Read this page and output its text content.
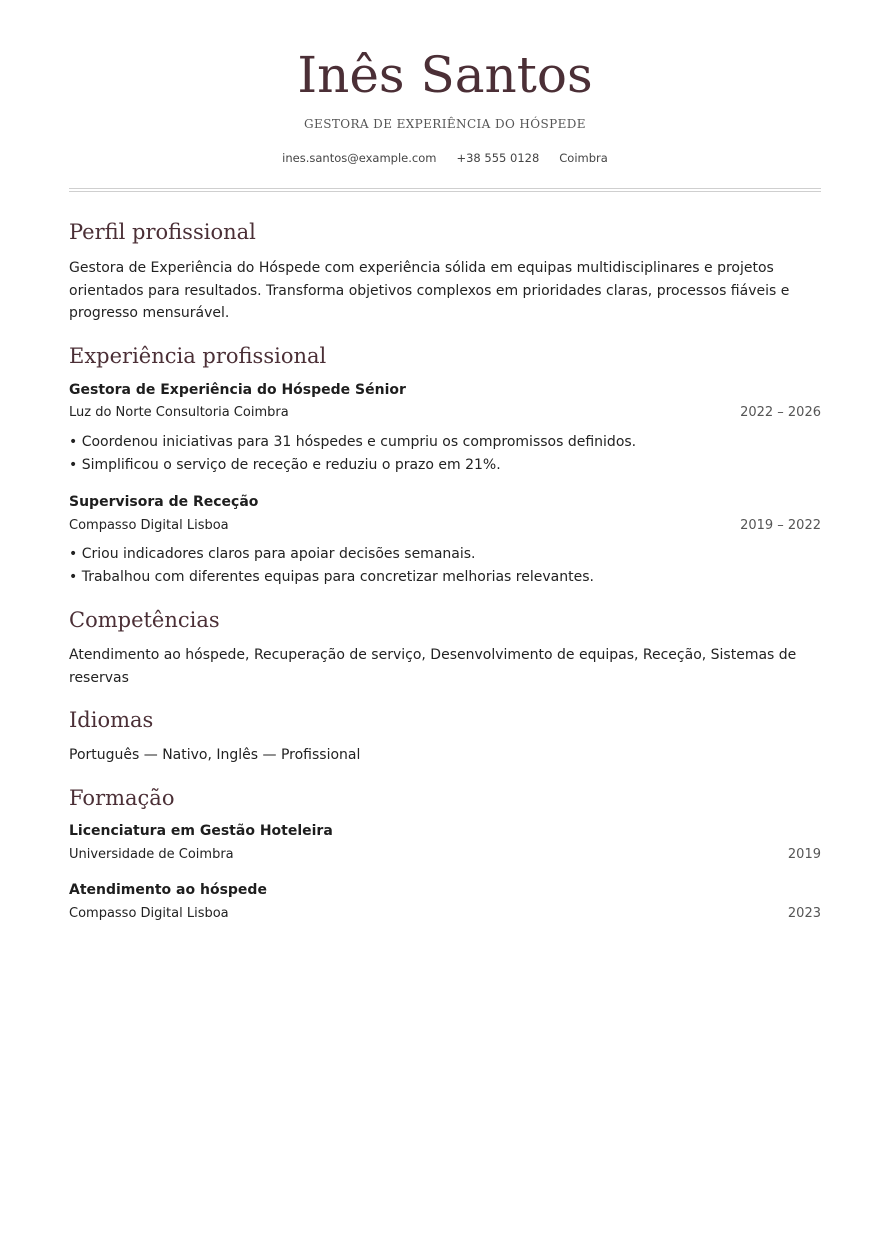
Inês Santos

GESTORA DE EXPERIÊNCIA DO HÓSPEDE

ines.santos@example.com +38 555 0128 Coimbra
Perfil profissional

Gestora de Experiência do Hóspede com experiência sólida em equipas multidisciplinares e projetos orientados para resultados. Transforma objetivos complexos em prioridades claras, processos fiáveis e progresso mensurável.

Experiência profissional
Gestora de Experiência do Hóspede Sénior
Luz do Norte Consultoria Coimbra	2022 – 2026
• Coordenou iniciativas para 31 hóspedes e cumpriu os compromissos definidos.
• Simplificou o serviço de receção e reduziu o prazo em 21%.
Supervisora de Receção
Compasso Digital Lisboa	2019 – 2022
• Criou indicadores claros para apoiar decisões semanais.
• Trabalhou com diferentes equipas para concretizar melhorias relevantes.
Competências

Atendimento ao hóspede, Recuperação de serviço, Desenvolvimento de equipas, Receção, Sistemas de reservas

Idiomas

Português — Nativo, Inglês — Profissional

Formação
Licenciatura em Gestão Hoteleira
Universidade de Coimbra	2019
Atendimento ao hóspede
Compasso Digital Lisboa	2023
